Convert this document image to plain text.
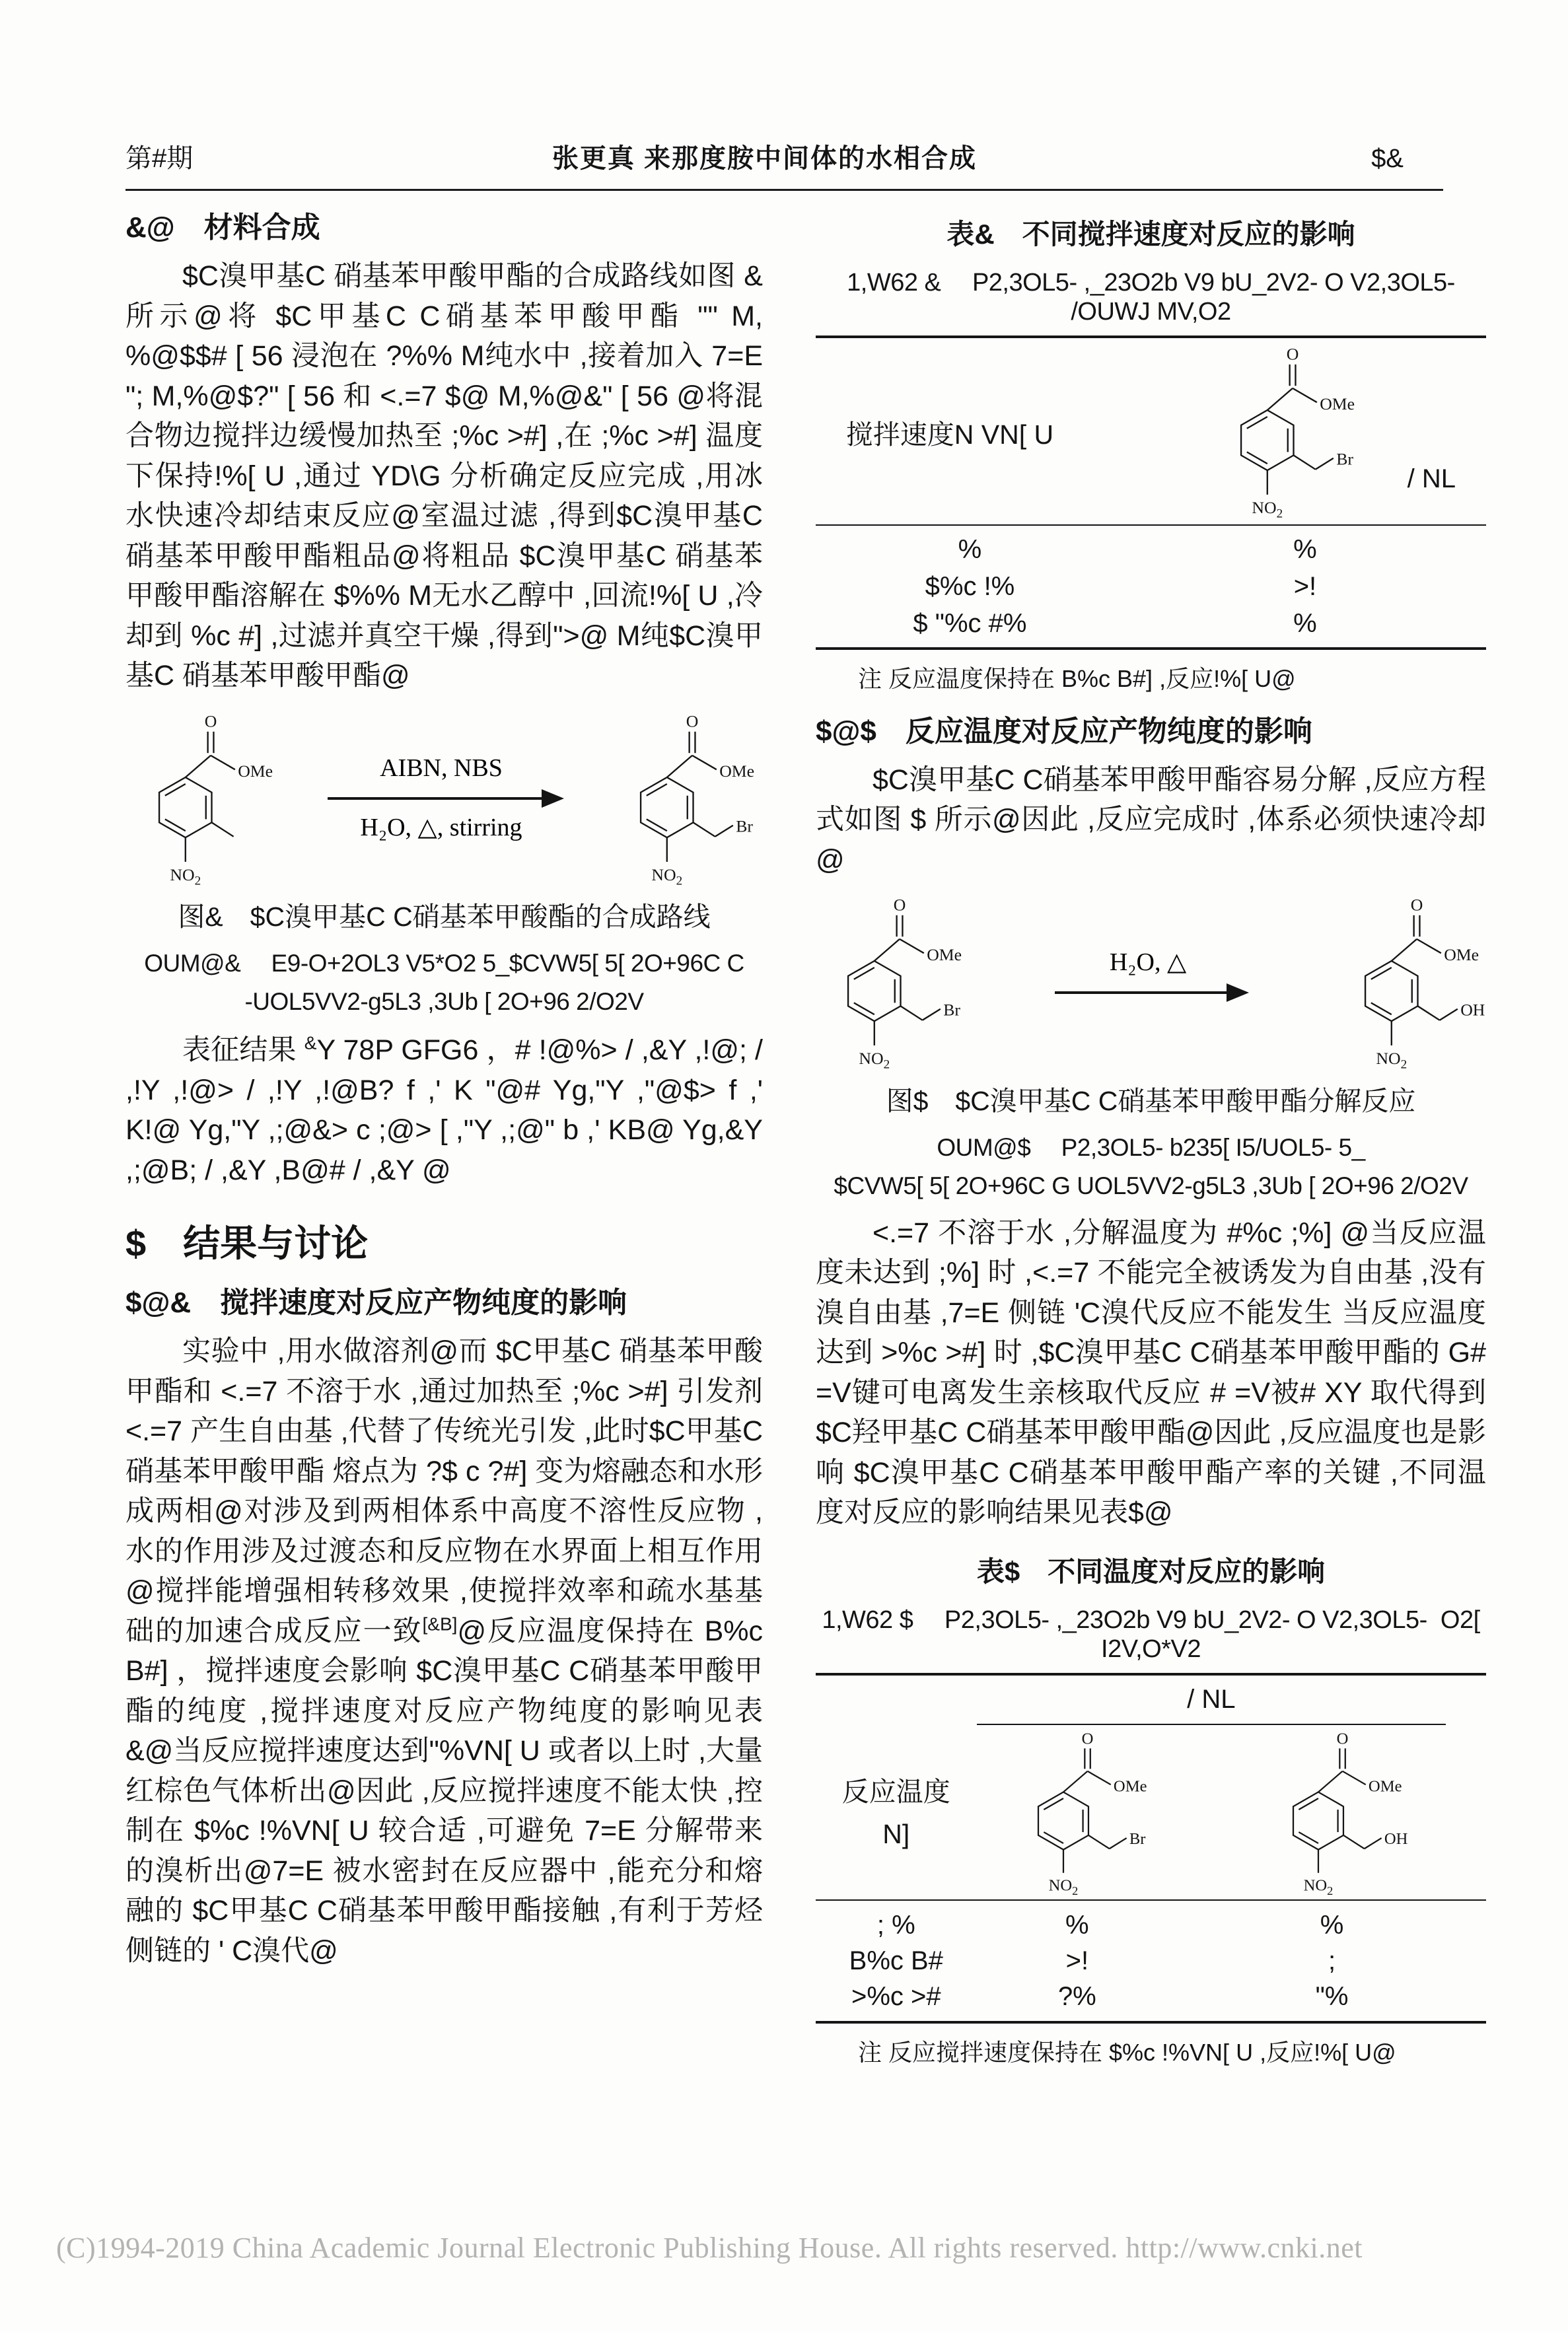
第#期	张更真 来那度胺中间体的水相合成	$&
&@　材料合成

$C溴甲基C 硝基苯甲酸甲酯的合成路线如图 & 所示@将 $C甲基C C硝基苯甲酸甲酯 "" M, %@$$# [ 56 浸泡在 ?%% M纯水中 ,接着加入 7=E "; M,%@$?" [ 56 和 <.=7 $@ M,%@&" [ 56 @将混合物边搅拌边缓慢加热至 ;%c >#] ,在 ;%c >#] 温度下保持!%[ U ,通过 YD\G 分析确定反应完成 ,用冰水快速冷却结束反应@室温过滤 ,得到$C溴甲基C 硝基苯甲酸甲酯粗品@将粗品 $C溴甲基C 硝基苯甲酸甲酯溶解在 $%% M无水乙醇中 ,回流!%[ U ,冷却到 %c #] ,过滤并真空干燥 ,得到">@ M纯$C溴甲基C 硝基苯甲酸甲酯@

O
OMe
$NO_2$
AIBN, NBS
H₂O, △, stirring
O
OMe
Br
$NO_2$
图&　$C溴甲基C C硝基苯甲酸酯的合成路线
OUM@&　 E9-O+2OL3 V5*O2 5_$CVW5[ 5[ 2O+96C C
-UOL5VV2-g5L3 ,3Ub [ 2O+96 2/O2V

表征结果 &Y 78P GFG6 ，# !@%> / ,&Y ,!@; / ,!Y ,!@> / ,!Y ,!@B? f ,' K "@# Yg,"Y ,"@$> f ,' K!@ Yg,"Y ,;@&> c ;@> [ ,"Y ,;@" b ,' KB@ Yg,&Y ,;@B; / ,&Y ,B@# / ,&Y @

$　结果与讨论
$@&　搅拌速度对反应产物纯度的影响

实验中 ,用水做溶剂@而 $C甲基C 硝基苯甲酸甲酯和 <.=7 不溶于水 ,通过加热至 ;%c >#] 引发剂 <.=7 产生自由基 ,代替了传统光引发 ,此时$C甲基C 硝基苯甲酸甲酯 熔点为 ?$ c ?#] 变为熔融态和水形成两相@对涉及到两相体系中高度不溶性反应物 ,水的作用涉及过渡态和反应物在水界面上相互作用@搅拌能增强相转移效果 ,使搅拌效率和疏水基基础的加速合成反应一致[&B]@反应温度保持在 B%c B#] ，搅拌速度会影响 $C溴甲基C C硝基苯甲酸甲酯的纯度 ,搅拌速度对反应产物纯度的影响见表 &@当反应搅拌速度达到"%VN[ U 或者以上时 ,大量红棕色气体析出@因此 ,反应搅拌速度不能太快 ,控制在 $%c !%VN[ U 较合适 ,可避免 7=E 分解带来的溴析出@7=E 被水密封在反应器中 ,能充分和熔融的 $C甲基C C硝基苯甲酸甲酯接触 ,有利于芳烃侧链的 ' C溴代@

表&　不同搅拌速度对反应的影响
1,W62 &　 P2,3OL5- ,_23O2b V9 bU_2V2- O V2,3OL5-  /OUWJ MV,O2
搅拌速度N VN[ U
O
OMe
Br
$NO_2$
/ NL
%	%
$%c !%	>!
$ "%c #%	%
注 反应温度保持在 B%c B#] ,反应!%[ U@
$@$　反应温度对反应产物纯度的影响

$C溴甲基C C硝基苯甲酸甲酯容易分解 ,反应方程式如图 $ 所示@因此 ,反应完成时 ,体系必须快速冷却@

O
OMe
Br
$NO_2$
H₂O, △
O
OMe
OH
$NO_2$
图$　$C溴甲基C C硝基苯甲酸甲酯分解反应
OUM@$　 P2,3OL5- b235[ I5/UOL5- 5_
$CVW5[ 5[ 2O+96C G UOL5VV2-g5L3 ,3Ub [ 2O+96 2/O2V

<.=7 不溶于水 ,分解温度为 #%c ;%] @当反应温度未达到 ;%] 时 ,<.=7 不能完全被诱发为自由基 ,没有溴自由基 ,7=E 侧链 'C溴代反应不能发生 当反应温度达到 >%c >#] 时 ,$C溴甲基C C硝基苯甲酸甲酯的 G# =V键可电离发生亲核取代反应 # =V被# XY 取代得到 $C羟甲基C C硝基苯甲酸甲酯@因此 ,反应温度也是影响 $C溴甲基C C硝基苯甲酸甲酯产率的关键 ,不同温度对反应的影响结果见表$@

表$　不同温度对反应的影响
1,W62 $　 P2,3OL5- ,_23O2b V9 bU_2V2- O V2,3OL5-  O2[ I2V,O*V2
/ NL
反应温度
N]
O
OMe
Br
$NO_2$
O
OMe
OH
$NO_2$
; %	%	%
B%c B#	>!	;
>%c >#	?%	"%
注 反应搅拌速度保持在 $%c !%VN[ U ,反应!%[ U@
(C)1994-2019 China Academic Journal Electronic Publishing House. All rights reserved. http://www.cnki.net
